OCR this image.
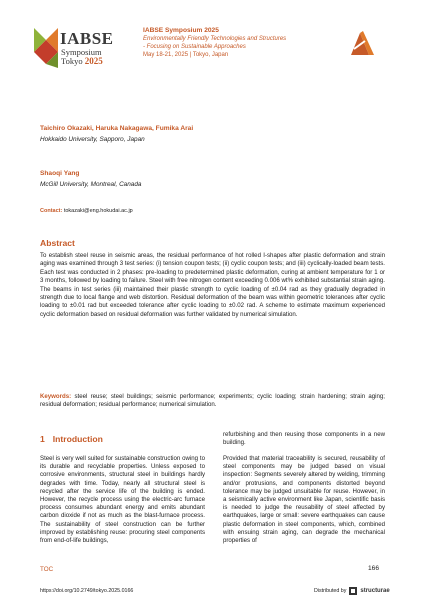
IABSE
Symposium
Tokyo 2025
IABSE Symposium 2025
Environmentally Friendly Technologies and Structures
- Focusing on Sustainable Approaches
May 18-21, 2025 | Tokyo, Japan
Taichiro Okazaki, Haruka Nakagawa, Fumika Arai
Hokkaido University, Sapporo, Japan
Shaoqi Yang
McGill University, Montreal, Canada
Contact: tokazaki@eng.hokudai.ac.jp
Abstract

To establish steel reuse in seismic areas, the residual performance of hot rolled I-shapes after plastic deformation and strain aging was examined through 3 test series: (i) tension coupon tests; (ii) cyclic coupon tests; and (iii) cyclically-loaded beam tests. Each test was conducted in 2 phases: pre-loading to predetermined plastic deformation, curing at ambient temperature for 1 or 3 months, followed by loading to failure. Steel with free nitrogen content exceeding 0.006 wt% exhibited substantial strain aging. The beams in test series (iii) maintained their plastic strength to cyclic loading of ±0.04 rad as they gradually degraded in strength due to local flange and web distortion. Residual deformation of the beam was within geometric tolerances after cyclic loading to ±0.01 rad but exceeded tolerance after cyclic loading to ±0.02 rad. A scheme to estimate maximum experienced cyclic deformation based on residual deformation was further validated by numerical simulation.

Keywords: steel reuse; steel buildings; seismic performance; experiments; cyclic loading; strain hardening; strain aging; residual deformation; residual performance; numerical simulation.

1 Introduction

Steel is very well suited for sustainable construction owing to its durable and recyclable properties. Unless exposed to corrosive environments, structural steel in buildings hardly degrades with time. Today, nearly all structural steel is recycled after the service life of the building is ended. However, the recycle process using the electric-arc furnace process consumes abundant energy and emits abundant carbon dioxide if not as much as the blast-furnace process. The sustainability of steel construction can be further improved by establishing reuse: procuring steel components from end-of-life buildings,

refurbishing and then reusing those components in a new building.

Provided that material traceability is secured, reusability of steel components may be judged based on visual inspection: Segments severely altered by welding, trimming and/or protrusions, and components distorted beyond tolerance may be judged unsuitable for reuse. However, in a seismically active environment like Japan, scientific basis is needed to judge the reusability of steel affected by earthquakes, large or small: severe earthquakes can cause plastic deformation in steel components, which, combined with ensuing strain aging, can degrade the mechanical properties of

TOC	166
https://doi.org/10.2749/tokyo.2025.0166	Distributed by structurae
